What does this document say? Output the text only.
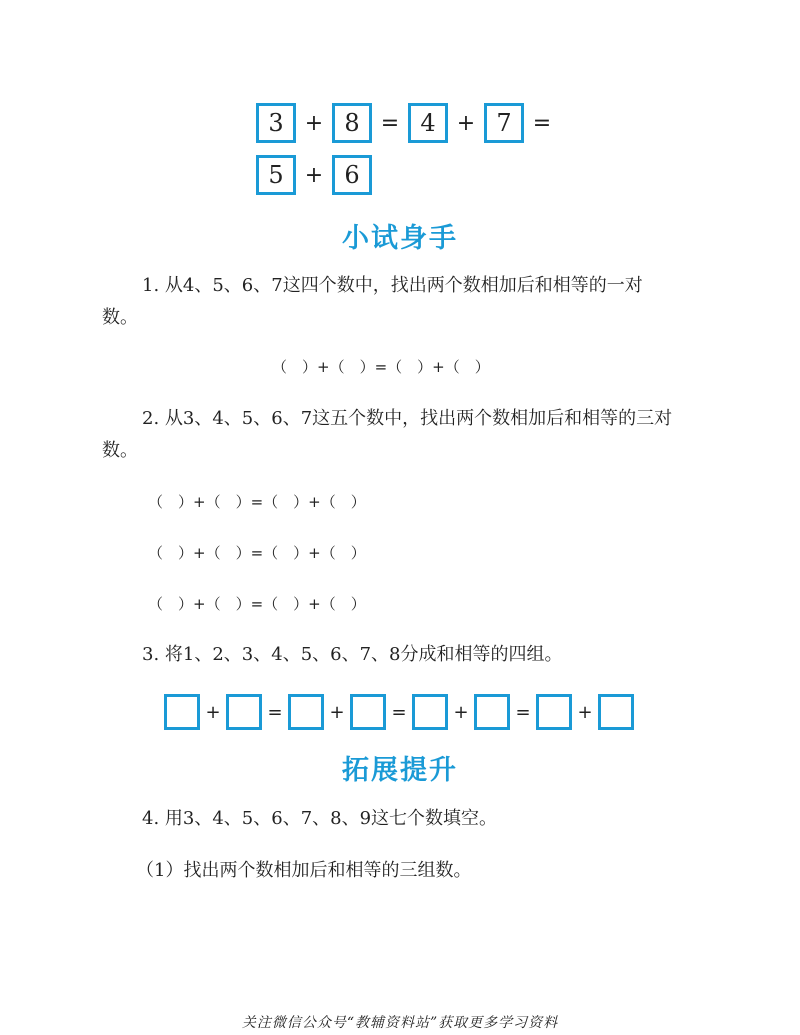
3 + 8 = 4 + 7 =
5 + 6
小试身手
1. 从4、5、6、7这四个数中，找出两个数相加后和相等的一对
数。
（　）+（　）=（　）+（　）
2. 从3、4、5、6、7这五个数中，找出两个数相加后和相等的三对
数。
（　）+（　）=（　）+（　）
（　）+（　）=（　）+（　）
（　）+（　）=（　）+（　）
3. 将1、2、3、4、5、6、7、8分成和相等的四组。
+	=	+	=	+	=	+
拓展提升
4. 用3、4、5、6、7、8、9这七个数填空。
（1）找出两个数相加后和相等的三组数。
关注微信公众号“教辅资料站”获取更多学习资料
